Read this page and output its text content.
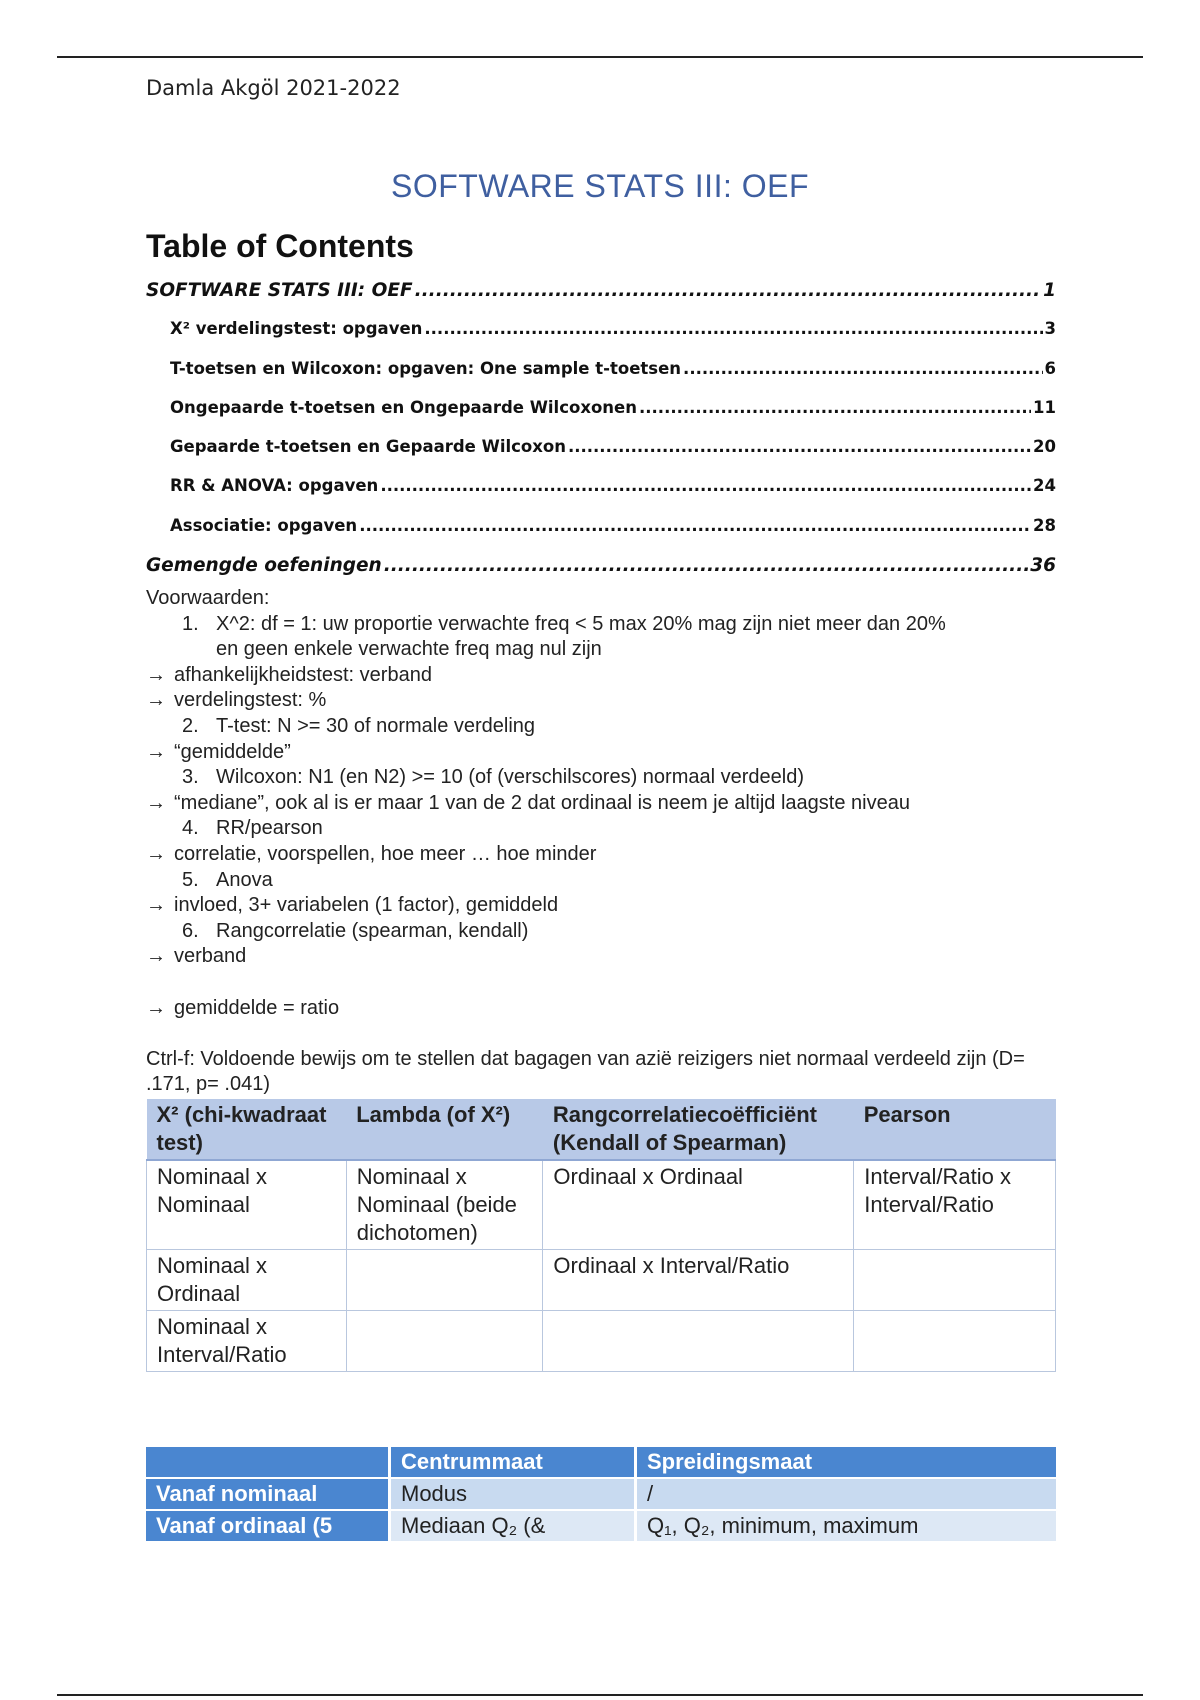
Damla Akgöl 2021-2022
SOFTWARE STATS III: OEF
Table of Contents
SOFTWARE STATS III: OEF .....	1
X² verdelingstest: opgaven .....	3
T-toetsen en Wilcoxon: opgaven: One sample t-toetsen .....	6
Ongepaarde t-toetsen en Ongepaarde Wilcoxonen .....	11
Gepaarde t-toetsen en Gepaarde Wilcoxon .....	20
RR & ANOVA: opgaven .....	24
Associatie: opgaven .....	28
Gemengde oefeningen .....	36
Voorwaarden:
1. X^2: df = 1: uw proportie verwachte freq < 5 max 20% mag zijn niet meer dan 20%
en geen enkele verwachte freq mag nul zijn
→ afhankelijkheidstest: verband
→ verdelingstest: %
2. T-test: N >= 30 of normale verdeling
→ “gemiddelde”
3. Wilcoxon: N1 (en N2) >= 10 (of (verschilscores) normaal verdeeld)
→ “mediane”, ook al is er maar 1 van de 2 dat ordinaal is neem je altijd laagste niveau
4. RR/pearson
→ correlatie, voorspellen, hoe meer … hoe minder
5. Anova
→ invloed, 3+ variabelen (1 factor), gemiddeld
6. Rangcorrelatie (spearman, kendall)
→ verband
→ gemiddelde = ratio
Ctrl-f: Voldoende bewijs om te stellen dat bagagen van azië reizigers niet normaal verdeeld zijn (D= .171, p= .041)
X² (chi-kwadraat test)	Lambda (of X²)	Rangcorrelatiecoëfficiënt (Kendall of Spearman)	Pearson
Nominaal x Nominaal	Nominaal x Nominaal (beide dichotomen)	Ordinaal x Ordinaal	Interval/Ratio x Interval/Ratio
Nominaal x Ordinaal		Ordinaal x Interval/Ratio	
Nominaal x Interval/Ratio			
	Centrummaat	Spreidingsmaat
Vanaf nominaal	Modus	/
Vanaf ordinaal (5	Mediaan Q₂ (&	Q₁, Q₂, minimum, maximum
